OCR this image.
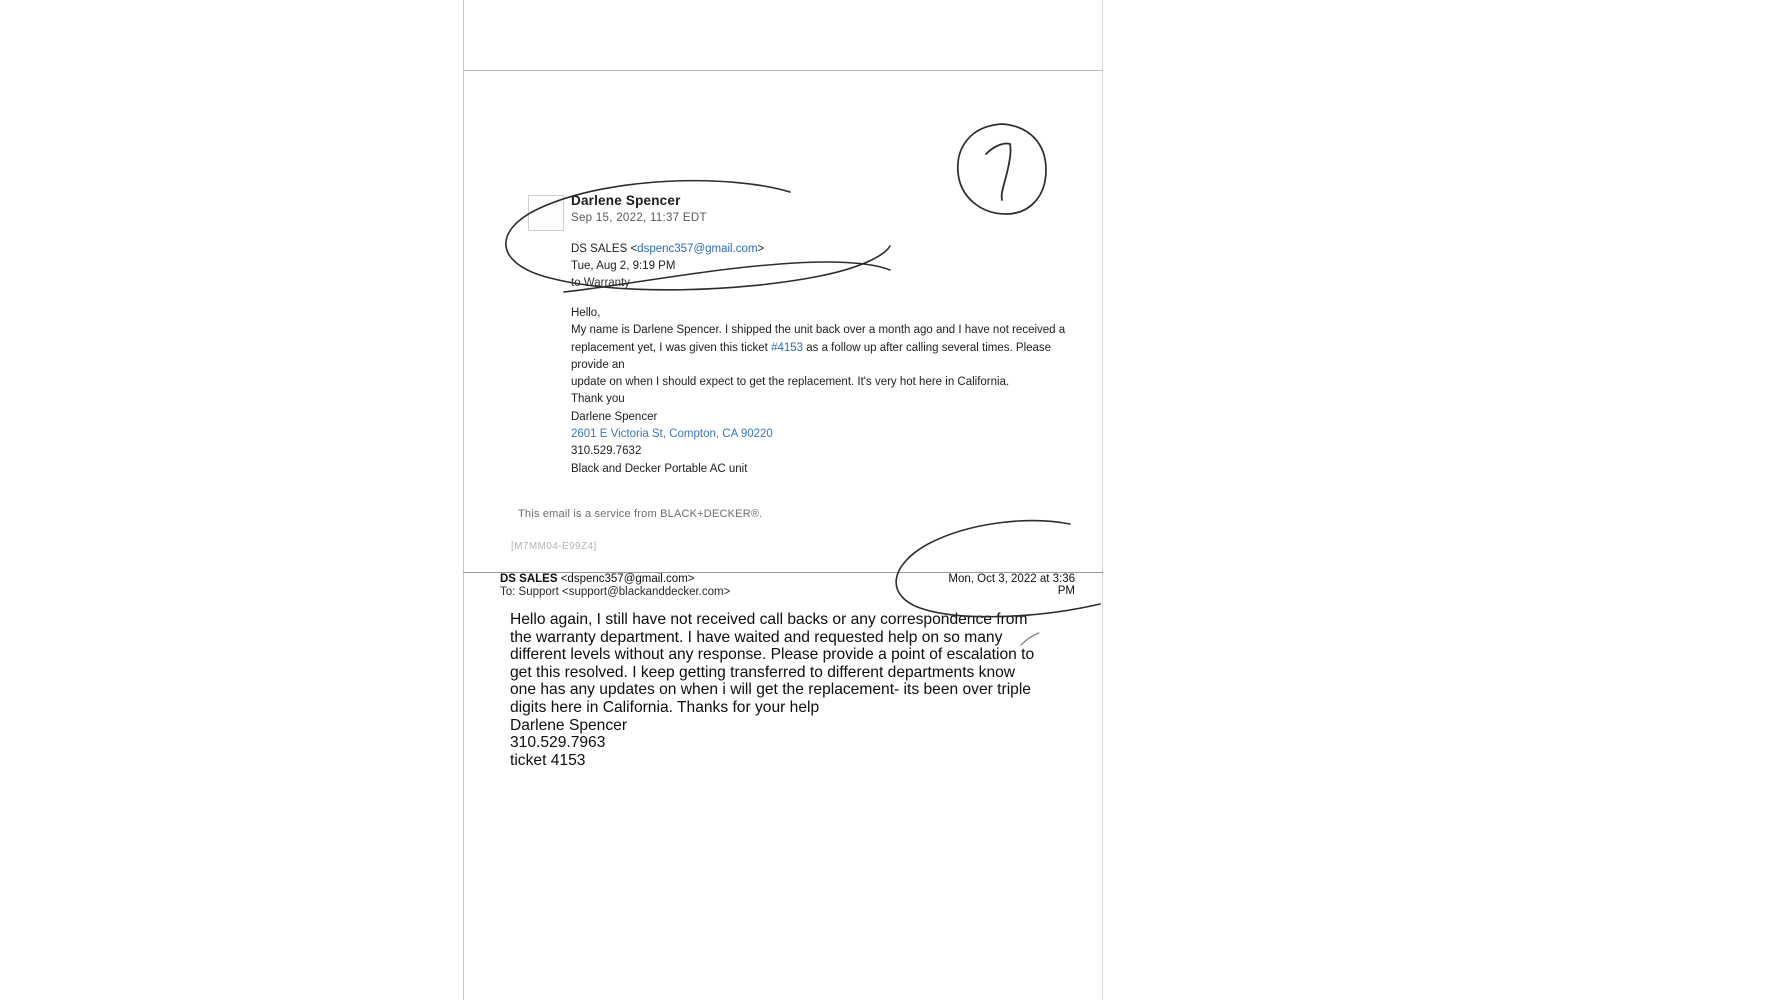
Darlene Spencer
Sep 15, 2022, 11:37 EDT
DS SALES <dspenc357@gmail.com>
Tue, Aug 2, 9:19 PM
to Warranty

Hello,

My name is Darlene Spencer. I shipped the unit back over a month ago and I have not received a

replacement yet, I was given this ticket #4153 as a follow up after calling several times. Please provide an

update on when I should expect to get the replacement. It's very hot here in California.

Thank you

Darlene Spencer

2601 E Victoria St, Compton, CA 90220

310.529.7632

Black and Decker Portable AC unit

This email is a service from BLACK+DECKER®.
[M7MM04-E99Z4]
DS SALES <dspenc357@gmail.com>
To: Support <support@blackanddecker.com>
Mon, Oct 3, 2022 at 3:36 PM

Hello again, I still have not received call backs or any correspondence from

the warranty department. I have waited and requested help on so many

different levels without any response. Please provide a point of escalation to

get this resolved. I keep getting transferred to different departments know

one has any updates on when i will get the replacement- its been over triple

digits here in California. Thanks for your help

Darlene Spencer

310.529.7963

ticket 4153
